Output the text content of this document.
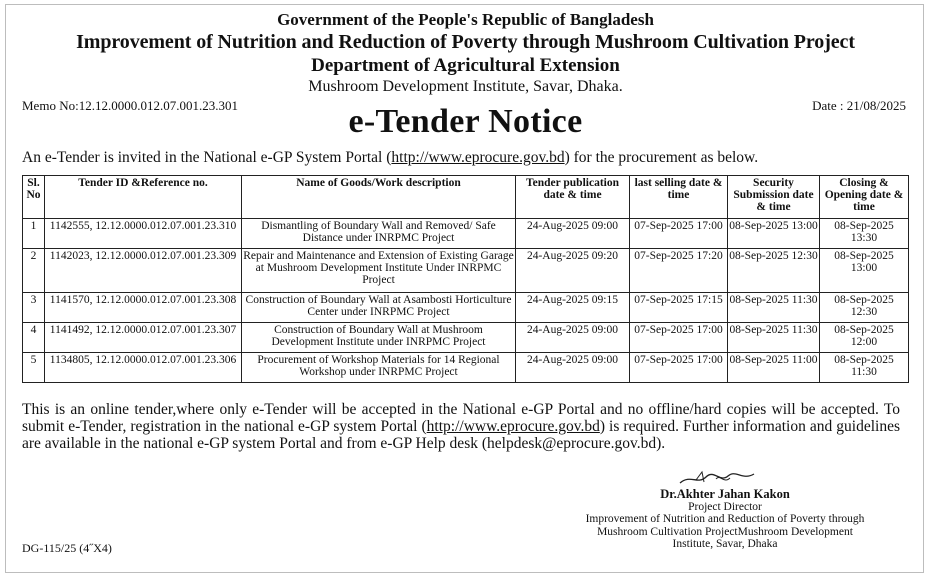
Government of the People's Republic of Bangladesh
Improvement of Nutrition and Reduction of Poverty through Mushroom Cultivation Project
Department of Agricultural Extension
Mushroom Development Institute, Savar, Dhaka.
Memo No:12.12.0000.012.07.001.23.301	Date : 21/08/2025
e-Tender Notice
An e-Tender is invited in the National e-GP System Portal (http://www.eprocure.gov.bd) for the procurement as below.
Sl. No	Tender ID &Reference no.	Name of Goods/Work description	Tender publication date & time	last selling date & time	Security Submission date & time	Closing & Opening date & time
1	1142555, 12.12.0000.012.07.001.23.310	Dismantling of Boundary Wall and Removed/ Safe Distance under INRPMC Project	24-Aug-2025 09:00	07-Sep-2025 17:00	08-Sep-2025 13:00	08-Sep-2025 13:30
2	1142023, 12.12.0000.012.07.001.23.309	Repair and Maintenance and Extension of Existing Garage at Mushroom Development Institute Under INRPMC Project	24-Aug-2025 09:20	07-Sep-2025 17:20	08-Sep-2025 12:30	08-Sep-2025 13:00
3	1141570, 12.12.0000.012.07.001.23.308	Construction of Boundary Wall at Asambosti Horticulture Center under INRPMC Project	24-Aug-2025 09:15	07-Sep-2025 17:15	08-Sep-2025 11:30	08-Sep-2025 12:30
4	1141492, 12.12.0000.012.07.001.23.307	Construction of Boundary Wall at Mushroom Development Institute under INRPMC Project	24-Aug-2025 09:00	07-Sep-2025 17:00	08-Sep-2025 11:30	08-Sep-2025 12:00
5	1134805, 12.12.0000.012.07.001.23.306	Procurement of Workshop Materials for 14 Regional Workshop under INRPMC Project	24-Aug-2025 09:00	07-Sep-2025 17:00	08-Sep-2025 11:00	08-Sep-2025 11:30
This is an online tender,where only e-Tender will be accepted in the National e-GP Portal and no offline/hard copies will be accepted. To submit e-Tender, registration in the national e-GP system Portal (http://www.eprocure.gov.bd) is required. Further information and guidelines are available in the national e-GP system Portal and from e-GP Help desk (helpdesk@eprocure.gov.bd).
Dr.Akhter Jahan Kakon
Project Director
Improvement of Nutrition and Reduction of Poverty through
Mushroom Cultivation ProjectMushroom Development
Institute, Savar, Dhaka
DG-115/25 (4˝X4)
